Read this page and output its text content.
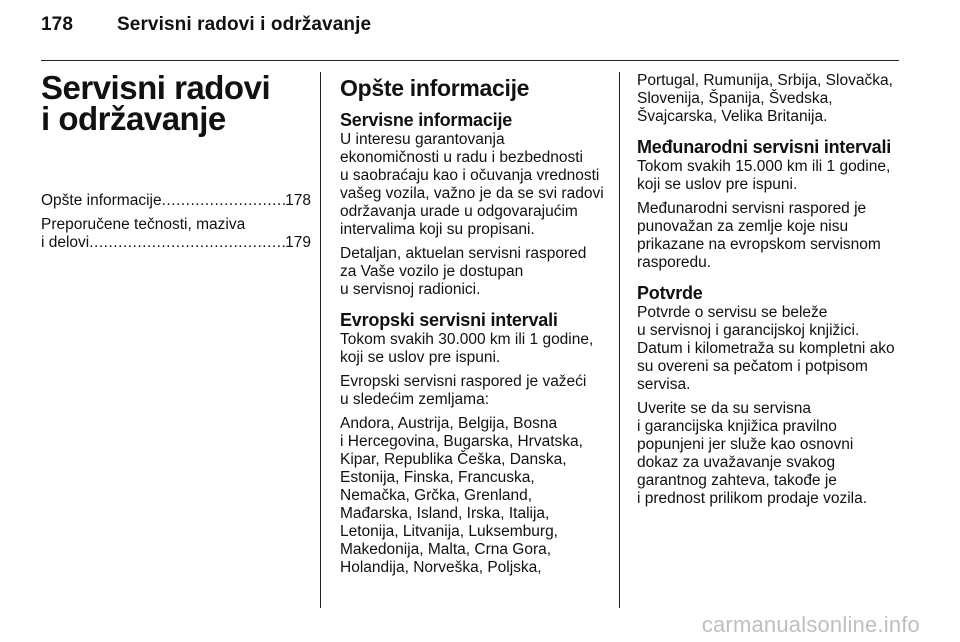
178 Servisni radovi i održavanje
Servisni radovi
i održavanje
Opšte informacije .....	178
Preporučene tečnosti, maziva
i delovi .....	179
Opšte informacije
Servisne informacije

U interesu garantovanja
ekonomičnosti u radu i bezbednosti
u saobraćaju kao i očuvanja vrednosti
vašeg vozila, važno je da se svi radovi
održavanja urade u odgovarajućim
intervalima koji su propisani.

Detaljan, aktuelan servisni raspored
za Vaše vozilo je dostupan
u servisnoj radionici.

Evropski servisni intervali

Tokom svakih 30.000 km ili 1 godine,
koji se uslov pre ispuni.

Evropski servisni raspored je važeći
u sledećim zemljama:

Andora, Austrija, Belgija, Bosna
i Hercegovina, Bugarska, Hrvatska,
Kipar, Republika Češka, Danska,
Estonija, Finska, Francuska,
Nemačka, Grčka, Grenland,
Mađarska, Island, Irska, Italija,
Letonija, Litvanija, Luksemburg,
Makedonija, Malta, Crna Gora,
Holandija, Norveška, Poljska,

Portugal, Rumunija, Srbija, Slovačka,
Slovenija, Španija, Švedska,
Švajcarska, Velika Britanija.

Međunarodni servisni intervali

Tokom svakih 15.000 km ili 1 godine,
koji se uslov pre ispuni.

Međunarodni servisni raspored je
punovažan za zemlje koje nisu
prikazane na evropskom servisnom
rasporedu.

Potvrde

Potvrde o servisu se beleže
u servisnoj i garancijskoj knjižici.
Datum i kilometraža su kompletni ako
su overeni sa pečatom i potpisom
servisa.

Uverite se da su servisna
i garancijska knjižica pravilno
popunjeni jer služe kao osnovni
dokaz za uvažavanje svakog
garantnog zahteva, takođe je
i prednost prilikom prodaje vozila.

carmanualsonline.info
